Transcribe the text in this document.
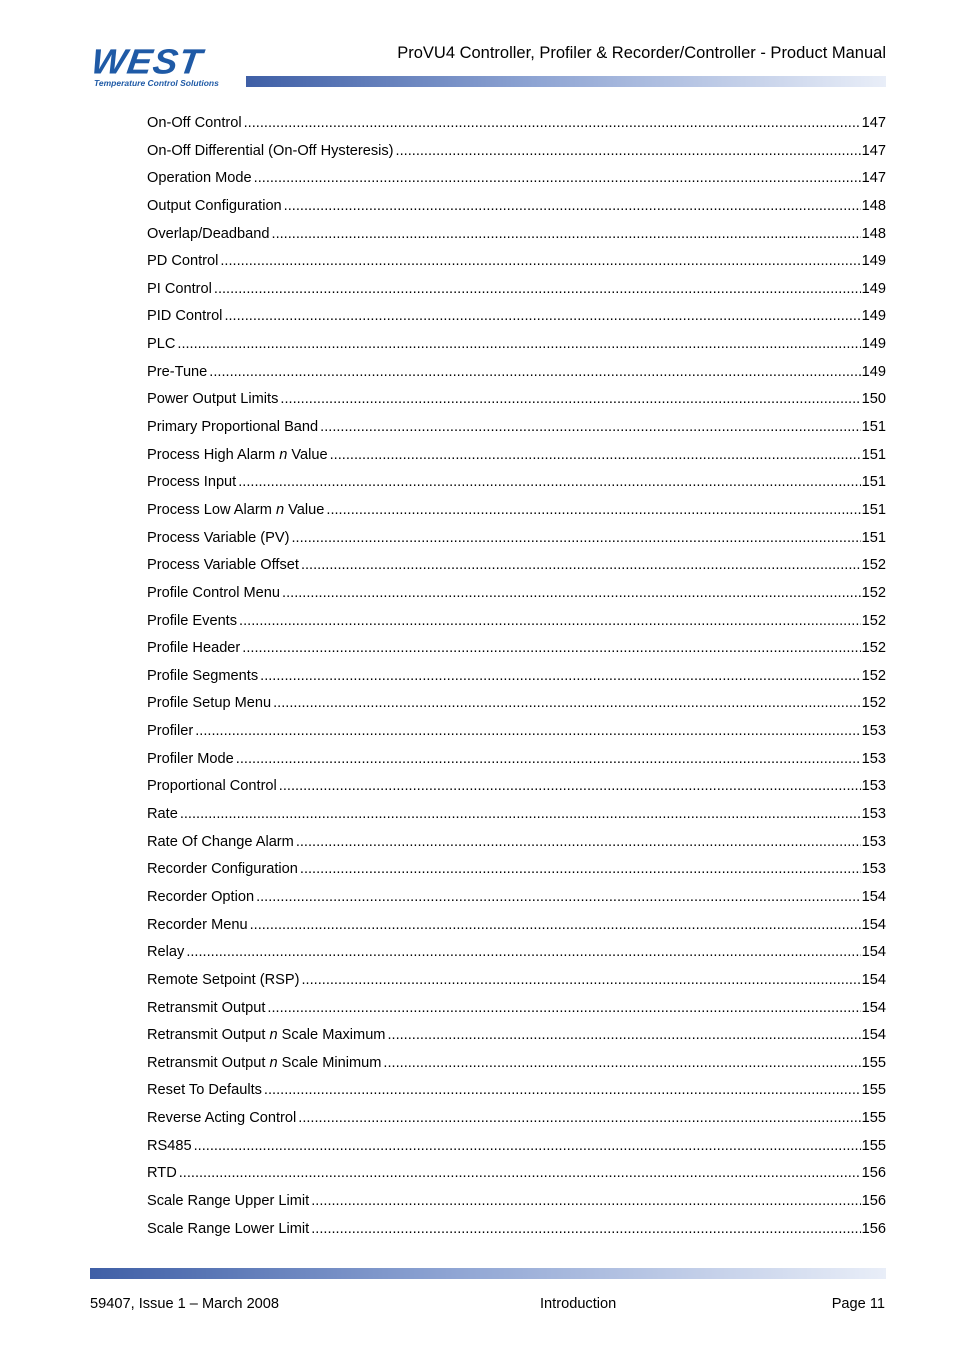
WEST
Temperature Control Solutions
ProVU4 Controller, Profiler & Recorder/Controller - Product Manual
On-Off Control .....	147
On-Off Differential (On-Off Hysteresis) .....	147
Operation Mode .....	147
Output Configuration .....	148
Overlap/Deadband .....	148
PD Control .....	149
PI Control .....	149
PID Control .....	149
PLC .....	149
Pre-Tune .....	149
Power Output Limits .....	150
Primary Proportional Band .....	151
Process High Alarm n Value .....	151
Process Input .....	151
Process Low Alarm n Value .....	151
Process Variable (PV) .....	151
Process Variable Offset .....	152
Profile Control Menu .....	152
Profile Events .....	152
Profile Header .....	152
Profile Segments .....	152
Profile Setup Menu .....	152
Profiler .....	153
Profiler Mode .....	153
Proportional Control .....	153
Rate .....	153
Rate Of Change Alarm .....	153
Recorder Configuration .....	153
Recorder Option .....	154
Recorder Menu .....	154
Relay .....	154
Remote Setpoint (RSP) .....	154
Retransmit Output .....	154
Retransmit Output n Scale Maximum .....	154
Retransmit Output n Scale Minimum .....	155
Reset To Defaults .....	155
Reverse Acting Control .....	155
RS485 .....	155
RTD .....	156
Scale Range Upper Limit .....	156
Scale Range Lower Limit .....	156
59407, Issue 1 – March 2008	Introduction	Page 11
